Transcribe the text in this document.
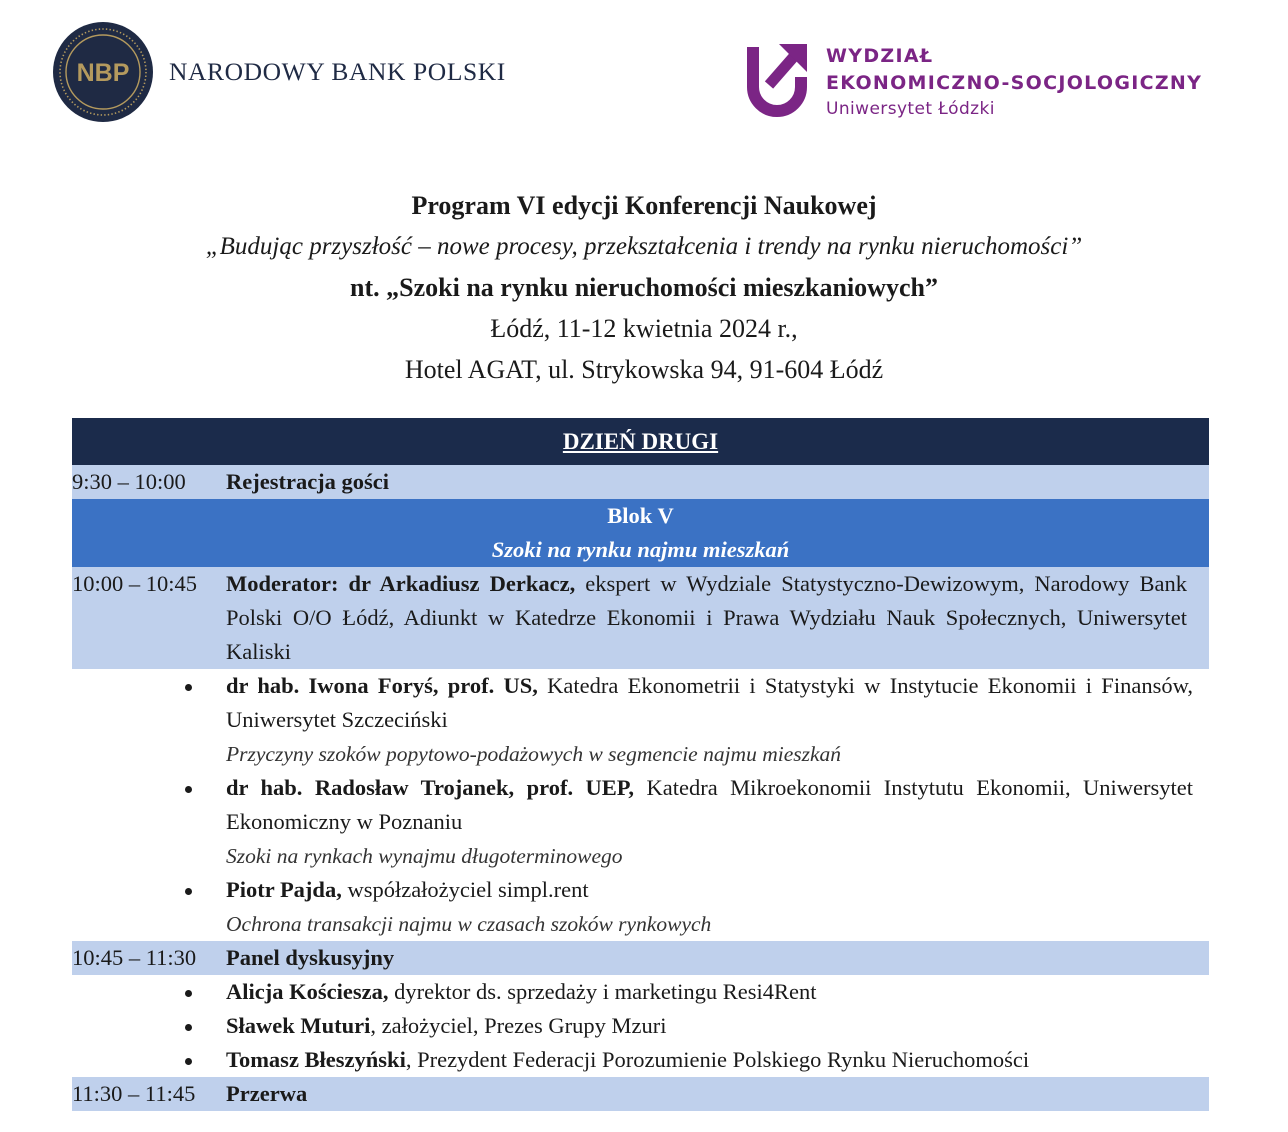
NBP NARODOWY BANK POLSKI
WYDZIAŁ
EKONOMICZNO-SOCJOLOGICZNY
Uniwersytet Łódzki
Program VI edycji Konferencji Naukowej
„Budując przyszłość – nowe procesy, przekształcenia i trendy na rynku nieruchomości”
nt. „Szoki na rynku nieruchomości mieszkaniowych”
Łódź, 11-12 kwietnia 2024 r.,
Hotel AGAT, ul. Strykowska 94, 91-604 Łódź
DZIEŃ DRUGI
9:30 – 10:00	Rejestracja gości
Blok V
Szoki na rynku najmu mieszkań
10:00 – 10:45	Moderator: dr Arkadiusz Derkacz, ekspert w Wydziale Statystyczno-Dewizowym, Narodowy Bank Polski O/O Łódź, Adiunkt w Katedrze Ekonomii i Prawa Wydziału Nauk Społecznych, Uniwersytet Kaliski
dr hab. Iwona Foryś, prof. US, Katedra Ekonometrii i Statystyki w Instytucie Ekonomii i Finansów, Uniwersytet Szczeciński
Przyczyny szoków popytowo-podażowych w segmencie najmu mieszkań
dr hab. Radosław Trojanek, prof. UEP, Katedra Mikroekonomii Instytutu Ekonomii, Uniwersytet Ekonomiczny w Poznaniu
Szoki na rynkach wynajmu długoterminowego
Piotr Pajda, współzałożyciel simpl.rent
Ochrona transakcji najmu w czasach szoków rynkowych
10:45 – 11:30	Panel dyskusyjny
Alicja Kościesza, dyrektor ds. sprzedaży i marketingu Resi4Rent
Sławek Muturi, założyciel, Prezes Grupy Mzuri
Tomasz Błeszyński, Prezydent Federacji Porozumienie Polskiego Rynku Nieruchomości
11:30 – 11:45	Przerwa
